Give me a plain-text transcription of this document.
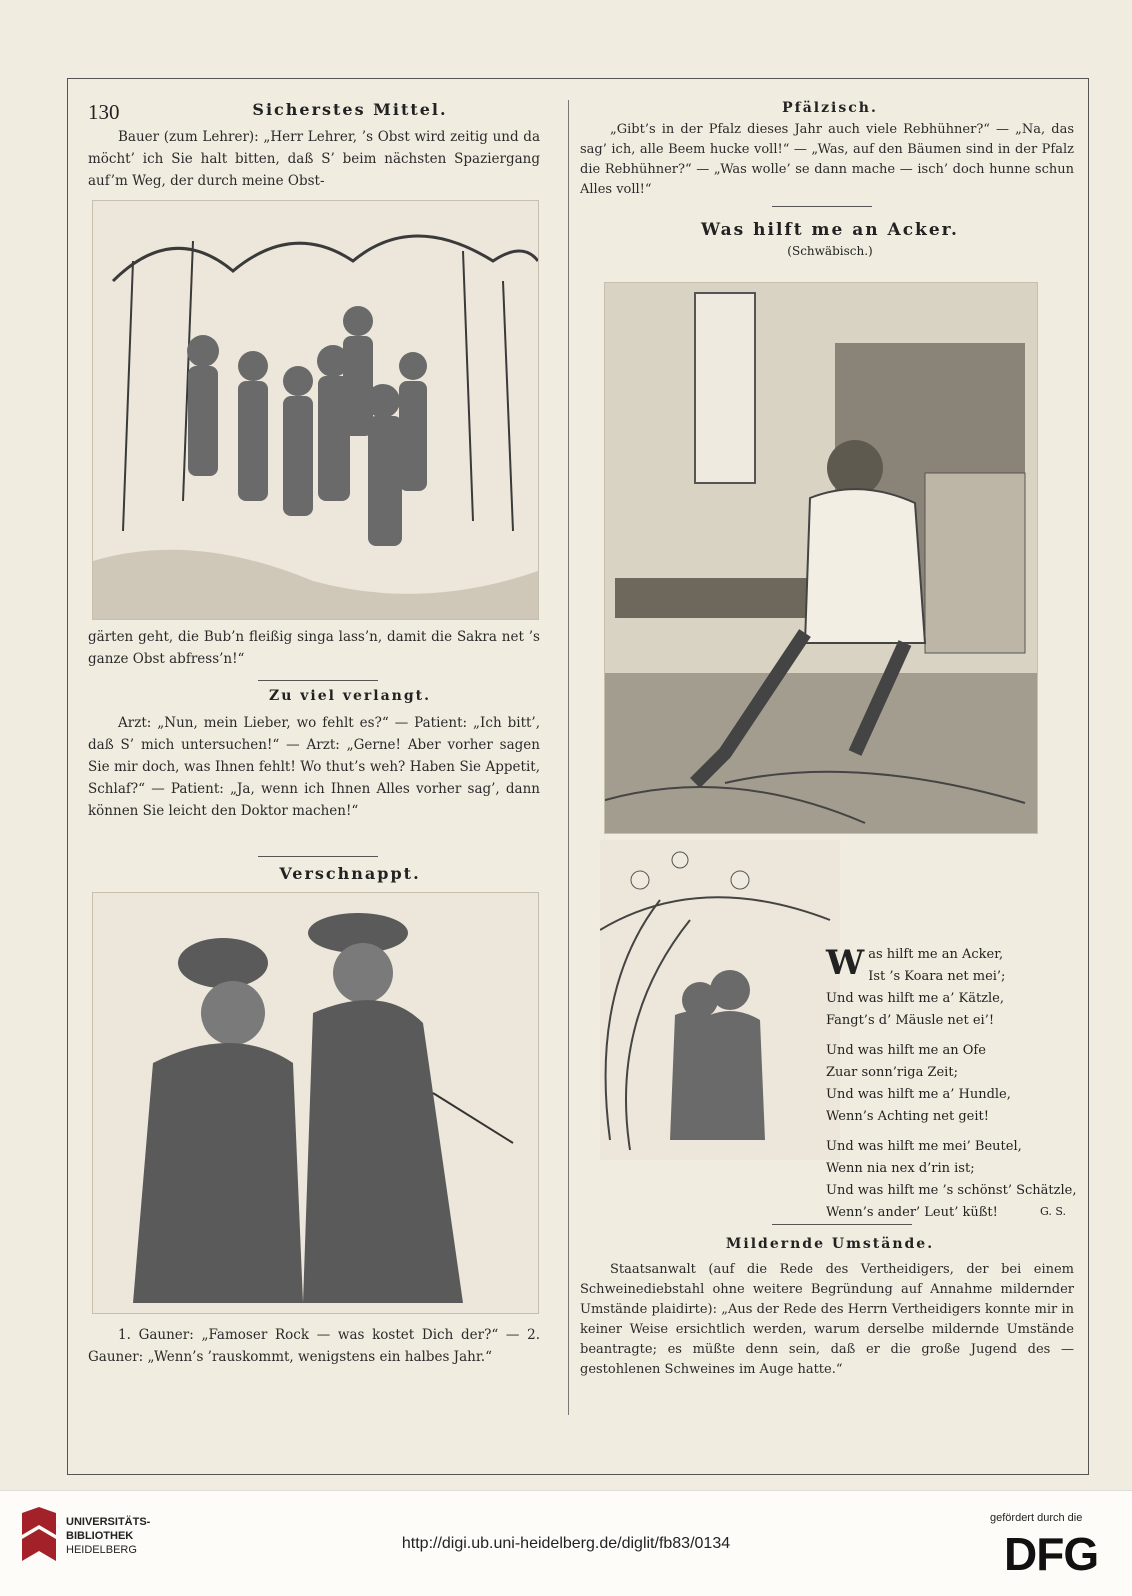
130	Sicherstes Mittel.

Bauer (zum Lehrer): „Herr Lehrer, ’s Obst wird zeitig und da möcht’ ich Sie halt bitten, daß S’ beim nächsten Spaziergang auf’m Weg, der durch meine Obst-

gärten geht, die Bub’n fleißig singa lass’n, damit die Sakra net ’s ganze Obst abfress’n!“

Zu viel verlangt.

Arzt: „Nun, mein Lieber, wo fehlt es?“ — Patient: „Ich bitt’, daß S’ mich untersuchen!“ — Arzt: „Gerne! Aber vorher sagen Sie mir doch, was Ihnen fehlt! Wo thut’s weh? Haben Sie Appetit, Schlaf?“ — Patient: „Ja, wenn ich Ihnen Alles vorher sag’, dann können Sie leicht den Doktor machen!“

Verschnappt.

1. Gauner: „Famoser Rock — was kostet Dich der?“ — 2. Gauner: „Wenn’s ’rauskommt, wenigstens ein halbes Jahr.“

Pfälzisch.

„Gibt’s in der Pfalz dieses Jahr auch viele Rebhühner?“ — „Na, das sag’ ich, alle Beem hucke voll!“ — „Was, auf den Bäumen sind in der Pfalz die Rebhühner?“ — „Was wolle’ se dann mache — isch’ doch hunne schun Alles voll!“

Was hilft me an Acker.
(Schwäbisch.)
W as hilft me an Acker,
Ist ’s Koara net mei’;
Und was hilft me a’ Kätzle,
Fangt’s d’ Mäusle net ei’!
Und was hilft me an Ofe
Zuar sonn’riga Zeit;
Und was hilft me a’ Hundle,
Wenn’s Achting net geit!
Und was hilft me mei’ Beutel,
Wenn nia nex d’rin ist;
Und was hilft me ’s schönst’ Schätzle,
Wenn’s ander’ Leut’ küßt!	G. S.
Mildernde Umstände.

Staatsanwalt (auf die Rede des Vertheidigers, der bei einem Schweinediebstahl ohne weitere Begründung auf Annahme mildernder Umstände plaidirte): „Aus der Rede des Herrn Vertheidigers konnte mir in keiner Weise ersichtlich werden, warum derselbe mildernde Umstände beantragte; es müßte denn sein, daß er die große Jugend des — gestohlenen Schweines im Auge hatte.“

UNIVERSITÄTS-
BIBLIOTHEK
HEIDELBERG	http://digi.ub.uni-heidelberg.de/diglit/fb83/0134
gefördert durch die
DFG
